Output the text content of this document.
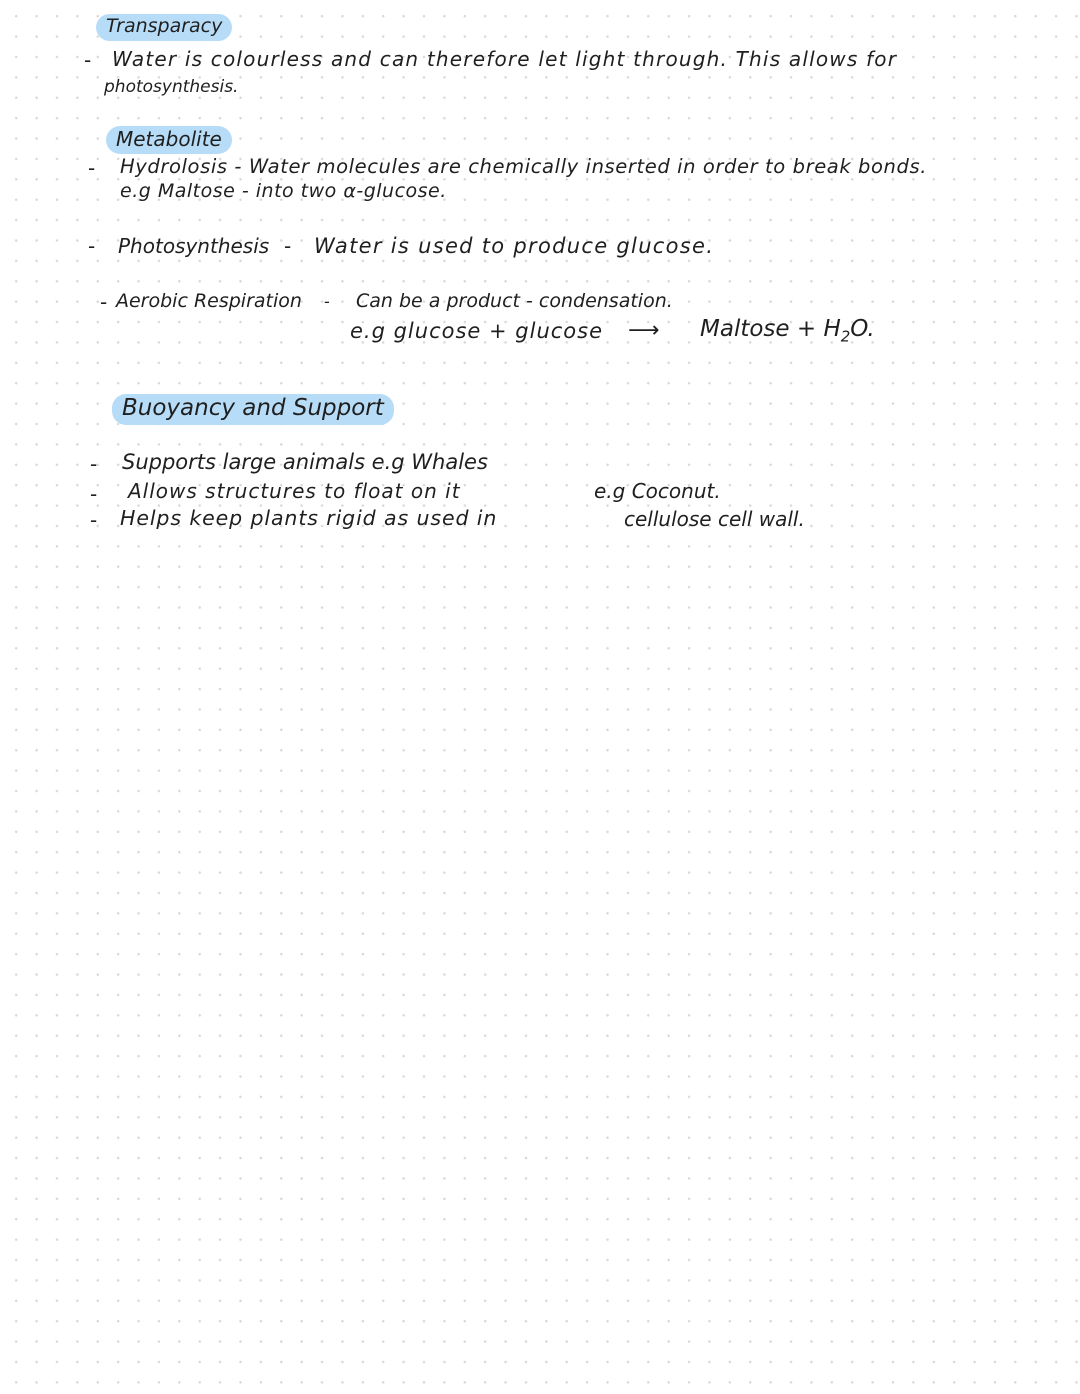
Transparacy
- Water is colourless and can therefore let light through. This allows for
photosynthesis.
Metabolite
- Hydrolosis - Water molecules are chemically inserted in order to break bonds.
e.g Maltose - into two α-glucose.
- Photosynthesis - Water is used to produce glucose.
- Aerobic Respiration - Can be a product - condensation.
e.g glucose + glucose ⟶ Maltose + $H_2O$.
Buoyancy and Support
- Supports large animals e.g Whales
- Allows structures to float on it	e.g Coconut.
- Helps keep plants rigid as used in	cellulose cell wall.
